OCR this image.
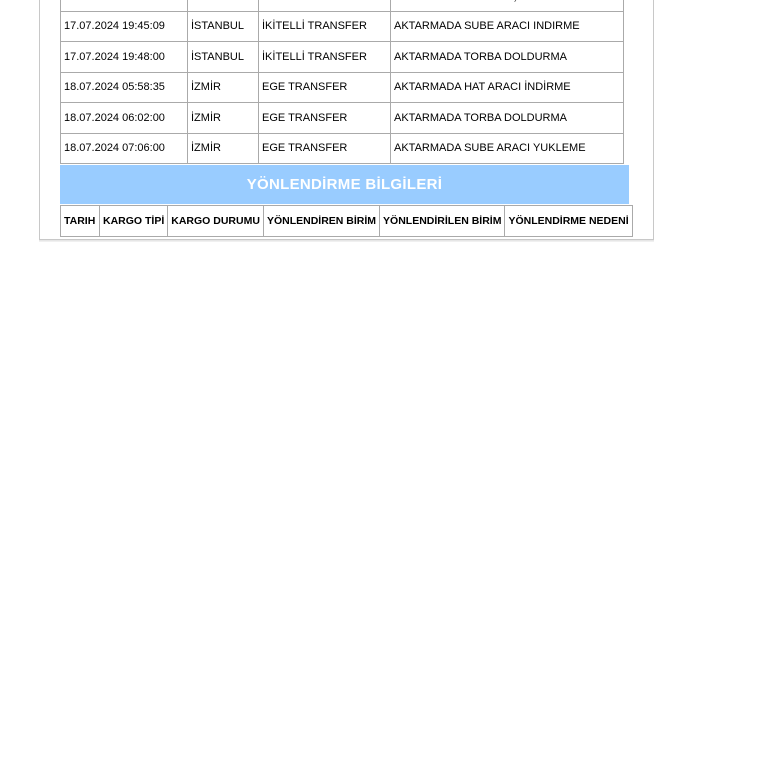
17.07.2024 19:45:09	İSTANBUL	İKİTELLİ TRANSFER	AKTARMADA SUBE ARACI INDIRME
17.07.2024 19:48:00	İSTANBUL	İKİTELLİ TRANSFER	AKTARMADA TORBA DOLDURMA
18.07.2024 05:58:35	İZMİR	EGE TRANSFER	AKTARMADA HAT ARACI İNDİRME
18.07.2024 06:02:00	İZMİR	EGE TRANSFER	AKTARMADA TORBA DOLDURMA
18.07.2024 07:06:00	İZMİR	EGE TRANSFER	AKTARMADA SUBE ARACI YUKLEME
YÖNLENDİRME BİLGİLERİ
TARIH	KARGO TİPİ	KARGO DURUMU	YÖNLENDİREN BİRİM	YÖNLENDİRİLEN BİRİM	YÖNLENDİRME NEDENİ
